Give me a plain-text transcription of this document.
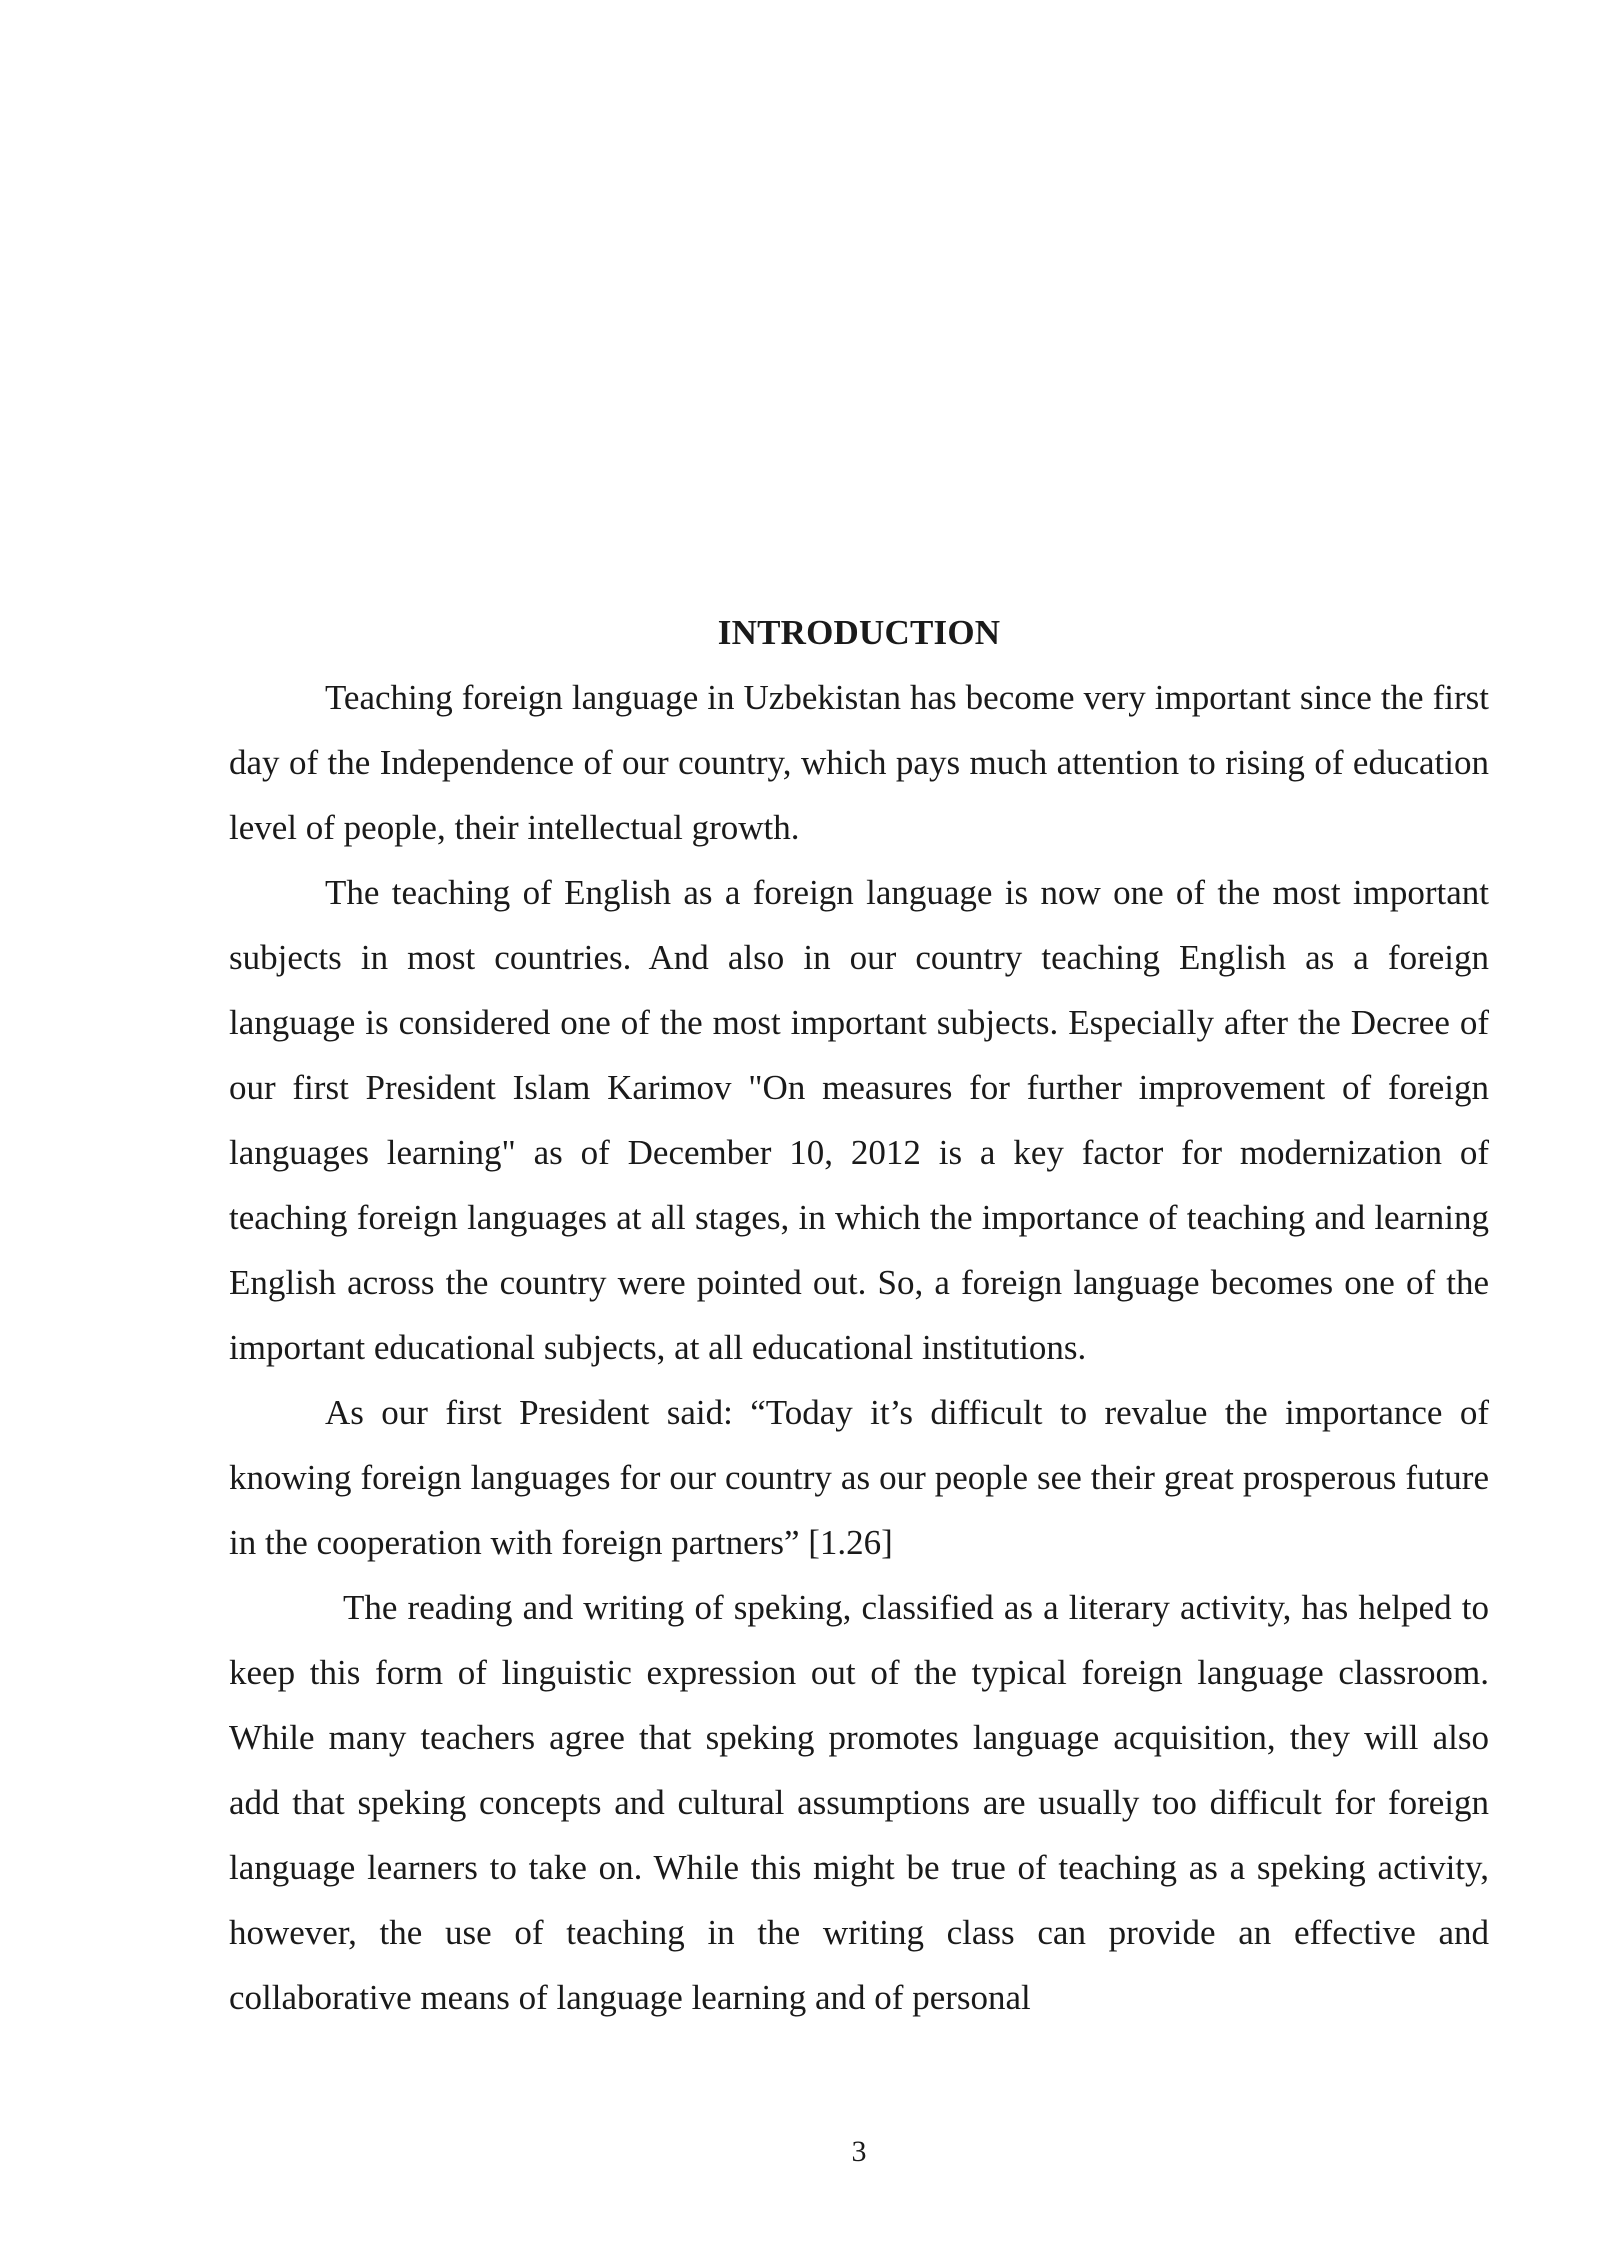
INTRODUCTION

Teaching foreign language in Uzbekistan has become very important since the first day of the Independence of our country, which pays much attention to rising of education level of people, their intellectual growth.

The teaching of English as a foreign language is now one of the most important subjects in most countries. And also in our country teaching English as a foreign language is considered one of the most important subjects. Especially after the Decree of our first President Islam Karimov "On measures for further improvement of foreign languages learning" as of December 10, 2012 is a key factor for modernization of teaching foreign languages at all stages, in which the importance of teaching and learning English across the country were pointed out. So, a foreign language becomes one of the important educational subjects, at all educational institutions.

As our first President said: “Today it’s difficult to revalue the importance of knowing foreign languages for our country as our people see their great prosperous future in the cooperation with foreign partners” [1.26]

The reading and writing of speking, classified as a literary activity, has helped to keep this form of linguistic expression out of the typical foreign language classroom. While many teachers agree that speking promotes language acquisition, they will also add that speking concepts and cultural assumptions are usually too difficult for foreign language learners to take on. While this might be true of teaching as a speking activity, however, the use of teaching in the writing class can provide an effective and collaborative means of language learning and of personal

3
